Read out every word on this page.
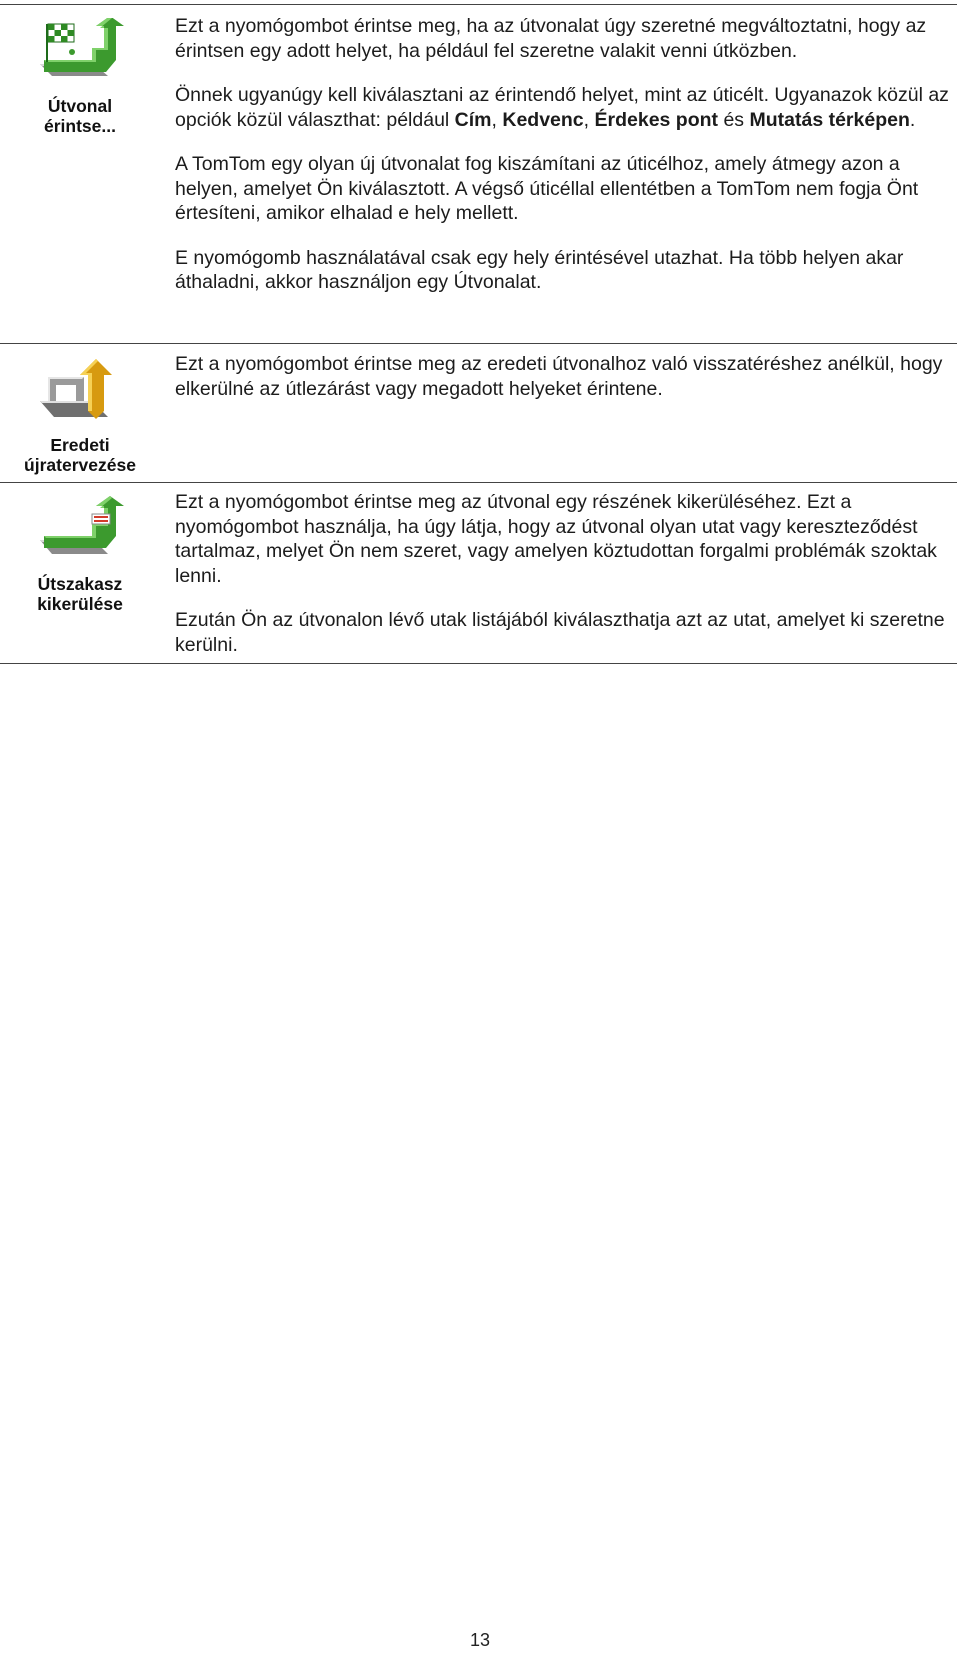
Útvonal
érintse...

Ezt a nyomógombot érintse meg, ha az útvonalat úgy szeretné megváltoztatni, hogy az érintsen egy adott helyet, ha például fel szeretne valakit venni útközben.

Önnek ugyanúgy kell kiválasztani az érintendő helyet, mint az úticélt. Ugyanazok közül az opciók közül választhat: például Cím, Kedvenc, Érdekes pont és Mutatás térképen.

A TomTom egy olyan új útvonalat fog kiszámítani az úticélhoz, amely átmegy azon a helyen, amelyet Ön kiválasztott. A végső úticéllal ellentétben a TomTom nem fogja Önt értesíteni, amikor elhalad e hely mellett.

E nyomógomb használatával csak egy hely érintésével utazhat. Ha több helyen akar áthaladni, akkor használjon egy Útvonalat.

Eredeti
újratervezése

Ezt a nyomógombot érintse meg az eredeti útvonalhoz való visszatéréshez anélkül, hogy elkerülné az útlezárást vagy megadott helyeket érintene.

Útszakasz
kikerülése

Ezt a nyomógombot érintse meg az útvonal egy részének kikerüléséhez. Ezt a nyomógombot használja, ha úgy látja, hogy az útvonal olyan utat vagy kereszteződést tartalmaz, melyet Ön nem szeret, vagy amelyen köztudottan forgalmi problémák szoktak lenni.

Ezután Ön az útvonalon lévő utak listájából kiválaszthatja azt az utat, amelyet ki szeretne kerülni.

13
